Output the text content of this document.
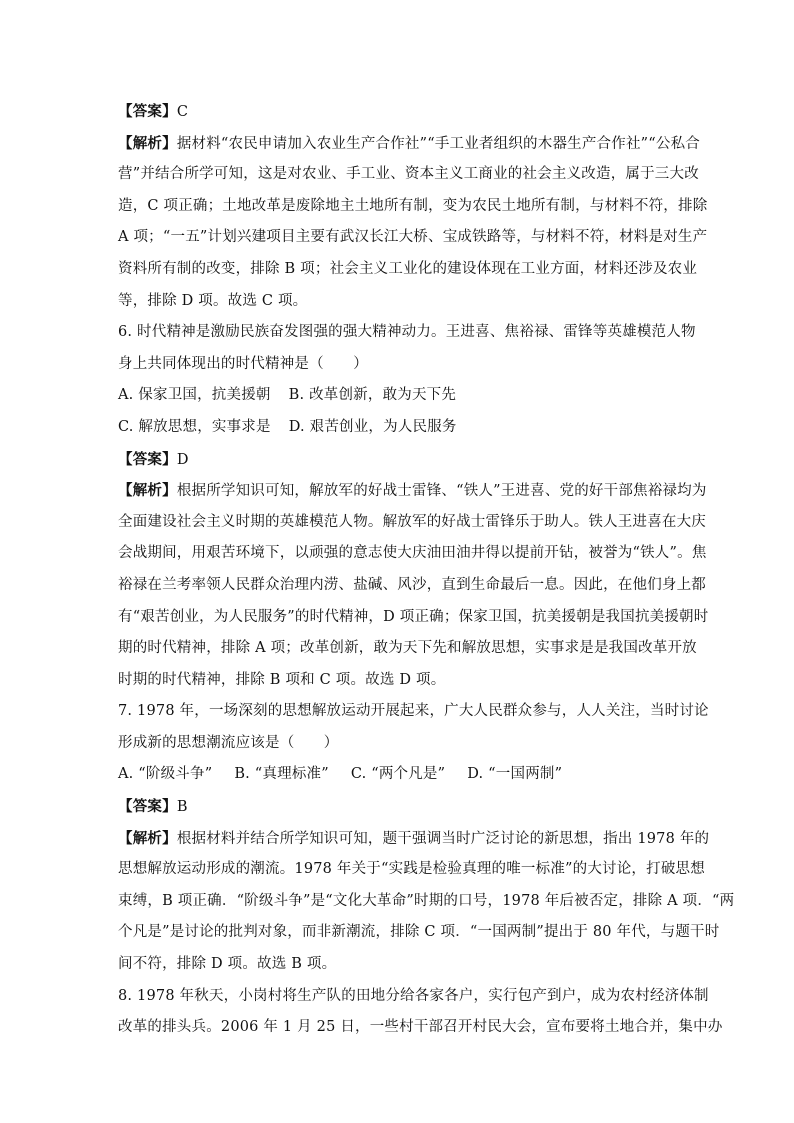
【答案】C
【解析】据材料“农民申请加入农业生产合作社”“手工业者组织的木器生产合作社”“公私合
营”并结合所学可知，这是对农业、手工业、资本主义工商业的社会主义改造，属于三大改
造，C 项正确；土地改革是废除地主土地所有制，变为农民土地所有制，与材料不符，排除
A 项；“一五”计划兴建项目主要有武汉长江大桥、宝成铁路等，与材料不符，材料是对生产
资料所有制的改变，排除 B 项；社会主义工业化的建设体现在工业方面，材料还涉及农业
等，排除 D 项。故选 C 项。
6. 时代精神是激励民族奋发图强的强大精神动力。王进喜、焦裕禄、雷锋等英雄模范人物
身上共同体现出的时代精神是（　　）
A. 保家卫国，抗美援朝 B. 改革创新，敢为天下先
C. 解放思想，实事求是 D. 艰苦创业，为人民服务
【答案】D
【解析】根据所学知识可知，解放军的好战士雷锋、“铁人”王进喜、党的好干部焦裕禄均为
全面建设社会主义时期的英雄模范人物。解放军的好战士雷锋乐于助人。铁人王进喜在大庆
会战期间，用艰苦环境下，以顽强的意志使大庆油田油井得以提前开钻，被誉为“铁人”。焦
裕禄在兰考率领人民群众治理内涝、盐碱、风沙，直到生命最后一息。因此，在他们身上都
有“艰苦创业，为人民服务”的时代精神，D 项正确；保家卫国，抗美援朝是我国抗美援朝时
期的时代精神，排除 A 项；改革创新，敢为天下先和解放思想，实事求是是我国改革开放
时期的时代精神，排除 B 项和 C 项。故选 D 项。
7. 1978 年，一场深刻的思想解放运动开展起来，广大人民群众参与，人人关注，当时讨论
形成新的思想潮流应该是（　　）
A. “阶级斗争” B. “真理标准” C. “两个凡是” D. “一国两制”
【答案】B
【解析】根据材料并结合所学知识可知，题干强调当时广泛讨论的新思想，指出 1978 年的
思想解放运动形成的潮流。1978 年关于“实践是检验真理的唯一标准”的大讨论，打破思想
束缚，B 项正确．“阶级斗争”是“文化大革命”时期的口号，1978 年后被否定，排除 A 项．“两
个凡是”是讨论的批判对象，而非新潮流，排除 C 项．“一国两制”提出于 80 年代，与题干时
间不符，排除 D 项。故选 B 项。
8. 1978 年秋天，小岗村将生产队的田地分给各家各户，实行包产到户，成为农村经济体制
改革的排头兵。2006 年 1 月 25 日，一些村干部召开村民大会，宣布要将土地合并，集中办
